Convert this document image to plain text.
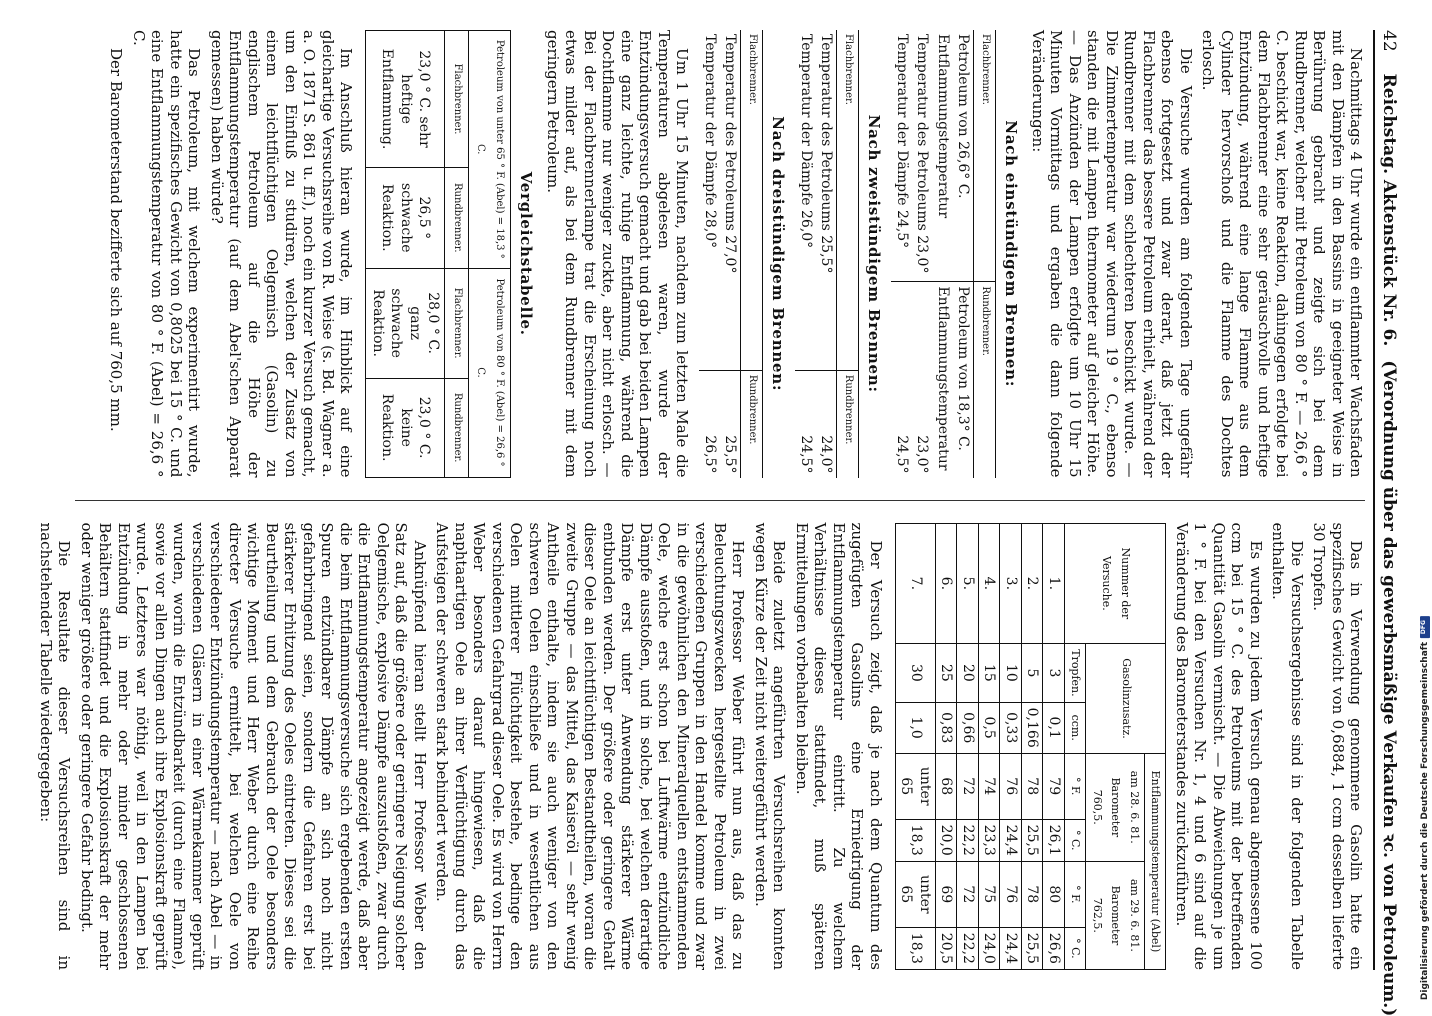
42
Reichstag. Aktenstück Nr. 6.
(Verordnung über das gewerbsmäßige Verkaufen ꝛc. von Petroleum.)

Nachmittags 4 Uhr wurde ein entflammter Wachsfaden mit den Dämpfen in den Bassins in geeigneter Weise in Berührung gebracht und zeigte sich bei dem Rundbrenner, welcher mit Petroleum von 80 ° F. — 26,6 ° C. beschickt war, keine Reaktion, dahingegen erfolgte bei dem Flachbrenner eine sehr geräuschvolle und heftige Entzündung, während eine lange Flamme aus dem Cylinder hervorschoß und die Flamme des Dochtes erlosch.

Die Versuche wurden am folgenden Tage ungefähr ebenso fortgesetzt und zwar derart, daß jetzt der Flachbrenner das bessere Petroleum erhielt, während der Rundbrenner mit dem schlechteren beschickt wurde. — Die Zimmertemperatur war wiederum 19 ° C., ebenso standen die mit Lampen thermometer auf gleicher Höhe. — Das Anzünden der Lampen erfolgte um 10 Uhr 15 Minuten Vormittags und ergaben die dann folgende Veränderungen:

Nach einstündigem Brennen:
Flachbrenner.	Rundbrenner.
Petroleum von 26,6° C.	Petroleum von 18,3° C.
Entflammungstemperatur	Entflammungstemperatur
Temperatur des Petroleums 23,0°	23,0°
Temperatur der Dämpfe 24,5°	24,5°
Nach zweistündigem Brennen:
Flachbrenner.	Rundbrenner.
Temperatur des Petroleums 25,5°	24,0°
Temperatur der Dämpfe 26,0°	24,5°
Nach dreistündigem Brennen:
Flachbrenner.	Rundbrenner.
Temperatur des Petroleums 27,0°	25,5°
Temperatur der Dämpfe 28,0°	26,5°

Um 1 Uhr 15 Minuten, nachdem zum letzten Male die Temperaturen abgelesen waren, wurde der Entzündungsversuch gemacht und gab bei beiden Lampen eine ganz leichte, ruhige Entflammung, während die Dochtflamme nur weniger zuckte, aber nicht erlosch. — Bei der Flachbrennerlampe trat die Erscheinung noch etwas milder auf, als bei dem Rundbrenner mit dem geringern Petroleum.

Vergleichstabelle.
Petroleum von unter 65 ° F. (Abel) = 18,3 ° C.		Petroleum von 80 ° F. (Abel) = 26,6 ° C.	
Flachbrenner.	Rundbrenner.	Flachbrenner.	Rundbrenner.
23,0 ° C. sehr heftige Entflammung.	26,5 ° schwache Reaktion.	28,0 ° C. ganz schwache Reaktion.	23,0 ° C. keine Reaktion.

Im Anschluß hieran wurde, im Hinblick auf eine gleichartige Versuchsreihe von R. Weise (s. Bd. Wagner a. a. O. 1871 S. 861 u. ff.), noch ein kurzer Versuch gemacht, um den Einfluß zu studiren, welchen der Zusatz von einem leichtflüchtigen Oelgemisch (Gasolin) zu englischem Petroleum auf die Höhe der Entflammungstemperatur (auf dem Abel'schen Apparat gemessen) haben würde?

Das Petroleum, mit welchem experimentirt wurde, hatte ein spezifisches Gewicht von 0,8025 bei 15 ° C. und eine Entflammungstemperatur von 80 ° F. (Abel) = 26,6 ° C.

Der Barometerstand bezifferte sich auf 760,5 mm.

Das in Verwendung genommene Gasolin hatte ein spezifisches Gewicht von 0,6884, 1 ccm desselben lieferte 30 Tropfen.

Die Versuchsergebnisse sind in der folgenden Tabelle enthalten.

Es wurden zu jedem Versuch genau abgemessene 100 ccm bei 15 ° C. des Petroleums mit der betreffenden Quantität Gasolin vermischt. — Die Abweichungen je um 1 ° F. bei den Versuchen Nr. 1, 4 und 6 sind auf die Veränderung des Barometerstandes zurückzuführen.

Nummer der Versuche.	Gasolinzusatz.		Entflammungstemperatur (Abel)			
			am 28. 6. 81.
Barometer 760,5.		am 29. 6. 81.
Barometer 762,5.	
	Tropfen.	ccm.	° F.	° C.	° F.	° C.
1.	3	0,1	79	26,1	80	26,6
2.	5	0,166	78	25,5	78	25,5
3.	10	0,33	76	24,4	76	24,4
4.	15	0,5	74	23,3	75	24,0
5.	20	0,66	72	22,2	72	22,2
6.	25	0,83	68	20,0	69	20,5
7.	30	1,0	unter 65	18,3	unter 65	18,3

Der Versuch zeigt, daß je nach dem Quantum des zugefügten Gasolins eine Erniedrigung der Entflammungstemperatur eintritt. Zu welchem Verhältnisse dieses stattfindet, muß späteren Ermittelungen vorbehalten bleiben.

Beide zuletzt angeführten Versuchsreihen konnten wegen Kürze der Zeit nicht weitergeführt werden.

Herr Professor Weber führt nun aus, daß das zu Beleuchtungszwecken hergestellte Petroleum in zwei verschiedenen Gruppen in den Handel komme und zwar in die gewöhnlichen den Mineralquellen entstammenden Oele, welche erst schon bei Luftwärme entzündliche Dämpfe ausstoßen, und in solche, bei welchen derartige Dämpfe erst unter Anwendung stärkerer Wärme entbunden werden. Der größere oder geringere Gehalt dieser Oele an leichtflüchtigen Bestandtheilen, woran die zweite Gruppe — das Mittel, das Kaiseröl — sehr wenig Antheile enthalte, indem sie auch weniger von den schweren Oelen einschließe und in wesentlichen aus Oelen mittlerer Flüchtigkeit bestehe, bedinge den verschiedenen Gefahrgrad dieser Oele. Es wird von Herrn Weber besonders darauf hingewiesen, daß die naphtaartigen Oele an ihrer Verflüchtigung durch das Aufsteigen der schweren stark behindert werden.

Anknüpfend hieran stellt Herr Professor Weber den Satz auf, daß die größere oder geringere Neigung solcher Oelgemische, explosive Dämpfe auszustoßen, zwar durch die Entflammungstemperatur angezeigt werde, daß aber die beim Entflammungsversuche sich ergebenden ersten Spuren entzündbarer Dämpfe an sich noch nicht gefahrbringend seien, sondern die Gefahren erst bei stärkerer Erhitzung des Oeles eintreten. Dieses sei die Beurtheilung und dem Gebrauch der Oele besonders wichtige Moment und Herr Weber durch eine Reihe directer Versuche ermittelt, bei welchen Oele von verschiedener Entzündungstemperatur — nach Abel — in verschiedenen Gläsern in einer Wärmekammer geprüft wurden, worin die Entzündbarkeit (durch eine Flamme), sowie vor allen Dingen auch ihre Explosionskraft geprüft wurde. Letzteres war nöthig, weil in den Lampen bei Entzündung in mehr oder minder geschlossenen Behältern stattfindet und die Explosionskraft der mehr oder weniger größere oder geringere Gefahr bedingt.

Die Resultate dieser Versuchsreihen sind in nachstehender Tabelle wiedergegeben:	Digitalisierung gefördert durch die Deutsche Forschungsgemeinschaft
DFG
